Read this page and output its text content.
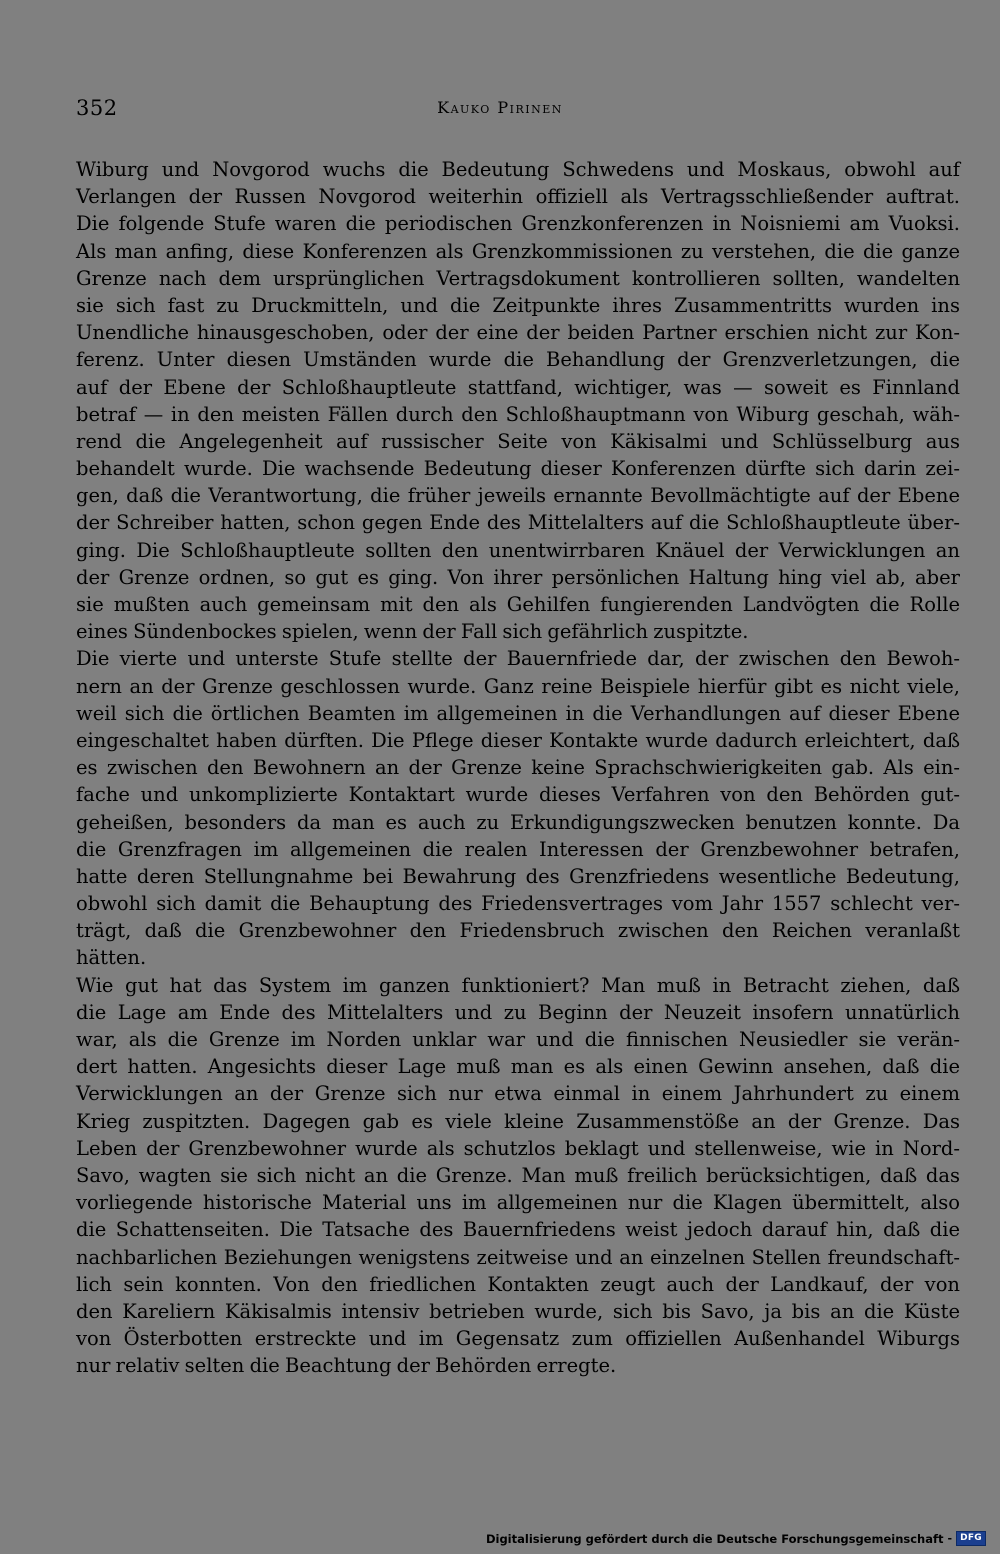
352	Kauko Pirinen
Wiburg und Novgorod wuchs die Bedeutung Schwedens und Moskaus, obwohl auf
Verlangen der Russen Novgorod weiterhin offiziell als Vertragsschließender auftrat.
Die folgende Stufe waren die periodischen Grenzkonferenzen in Noisniemi am Vuoksi.
Als man anfing, diese Konferenzen als Grenzkommissionen zu verstehen, die die ganze
Grenze nach dem ursprünglichen Vertragsdokument kontrollieren sollten, wandelten
sie sich fast zu Druckmitteln, und die Zeitpunkte ihres Zusammentritts wurden ins
Unendliche hinausgeschoben, oder der eine der beiden Partner erschien nicht zur Kon-
ferenz. Unter diesen Umständen wurde die Behandlung der Grenzverletzungen, die
auf der Ebene der Schloßhauptleute stattfand, wichtiger, was — soweit es Finnland
betraf — in den meisten Fällen durch den Schloßhauptmann von Wiburg geschah, wäh-
rend die Angelegenheit auf russischer Seite von Käkisalmi und Schlüsselburg aus
behandelt wurde. Die wachsende Bedeutung dieser Konferenzen dürfte sich darin zei-
gen, daß die Verantwortung, die früher jeweils ernannte Bevollmächtigte auf der Ebene
der Schreiber hatten, schon gegen Ende des Mittelalters auf die Schloßhauptleute über-
ging. Die Schloßhauptleute sollten den unentwirrbaren Knäuel der Verwicklungen an
der Grenze ordnen, so gut es ging. Von ihrer persönlichen Haltung hing viel ab, aber
sie mußten auch gemeinsam mit den als Gehilfen fungierenden Landvögten die Rolle
eines Sündenbockes spielen, wenn der Fall sich gefährlich zuspitzte.
Die vierte und unterste Stufe stellte der Bauernfriede dar, der zwischen den Bewoh-
nern an der Grenze geschlossen wurde. Ganz reine Beispiele hierfür gibt es nicht viele,
weil sich die örtlichen Beamten im allgemeinen in die Verhandlungen auf dieser Ebene
eingeschaltet haben dürften. Die Pflege dieser Kontakte wurde dadurch erleichtert, daß
es zwischen den Bewohnern an der Grenze keine Sprachschwierigkeiten gab. Als ein-
fache und unkomplizierte Kontaktart wurde dieses Verfahren von den Behörden gut-
geheißen, besonders da man es auch zu Erkundigungszwecken benutzen konnte. Da
die Grenzfragen im allgemeinen die realen Interessen der Grenzbewohner betrafen,
hatte deren Stellungnahme bei Bewahrung des Grenzfriedens wesentliche Bedeutung,
obwohl sich damit die Behauptung des Friedensvertrages vom Jahr 1557 schlecht ver-
trägt, daß die Grenzbewohner den Friedensbruch zwischen den Reichen veranlaßt
hätten.
Wie gut hat das System im ganzen funktioniert? Man muß in Betracht ziehen, daß
die Lage am Ende des Mittelalters und zu Beginn der Neuzeit insofern unnatürlich
war, als die Grenze im Norden unklar war und die finnischen Neusiedler sie verän-
dert hatten. Angesichts dieser Lage muß man es als einen Gewinn ansehen, daß die
Verwicklungen an der Grenze sich nur etwa einmal in einem Jahrhundert zu einem
Krieg zuspitzten. Dagegen gab es viele kleine Zusammenstöße an der Grenze. Das
Leben der Grenzbewohner wurde als schutzlos beklagt und stellenweise, wie in Nord-
Savo, wagten sie sich nicht an die Grenze. Man muß freilich berücksichtigen, daß das
vorliegende historische Material uns im allgemeinen nur die Klagen übermittelt, also
die Schattenseiten. Die Tatsache des Bauernfriedens weist jedoch darauf hin, daß die
nachbarlichen Beziehungen wenigstens zeitweise und an einzelnen Stellen freundschaft-
lich sein konnten. Von den friedlichen Kontakten zeugt auch der Landkauf, der von
den Kareliern Käkisalmis intensiv betrieben wurde, sich bis Savo, ja bis an die Küste
von Österbotten erstreckte und im Gegensatz zum offiziellen Außenhandel Wiburgs
nur relativ selten die Beachtung der Behörden erregte.
Digitalisierung gefördert durch die Deutsche Forschungsgemeinschaft - DFG
